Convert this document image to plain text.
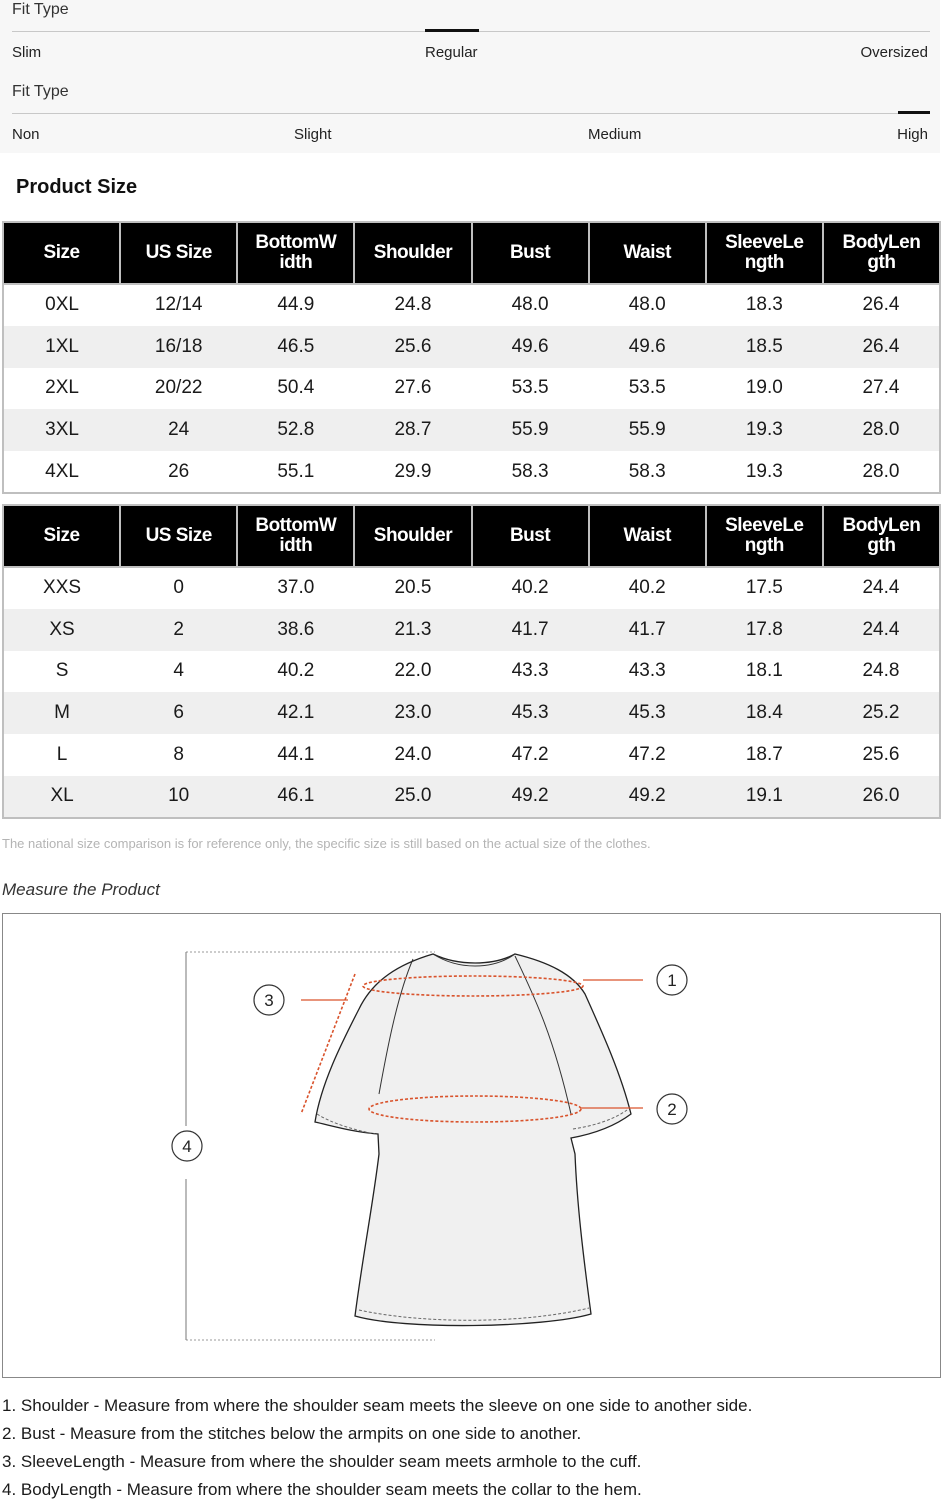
Fit Type
Slim	Regular	Oversized
Fit Type
Non	Slight	Medium	High
Product Size
Size	US Size	BottomW idth	Shoulder	Bust	Waist	SleeveLe ngth	BodyLen gth
0XL	12/14	44.9	24.8	48.0	48.0	18.3	26.4
1XL	16/18	46.5	25.6	49.6	49.6	18.5	26.4
2XL	20/22	50.4	27.6	53.5	53.5	19.0	27.4
3XL	24	52.8	28.7	55.9	55.9	19.3	28.0
4XL	26	55.1	29.9	58.3	58.3	19.3	28.0
Size	US Size	BottomW idth	Shoulder	Bust	Waist	SleeveLe ngth	BodyLen gth
XXS	0	37.0	20.5	40.2	40.2	17.5	24.4
XS	2	38.6	21.3	41.7	41.7	17.8	24.4
S	4	40.2	22.0	43.3	43.3	18.1	24.8
M	6	42.1	23.0	45.3	45.3	18.4	25.2
L	8	44.1	24.0	47.2	47.2	18.7	25.6
XL	10	46.1	25.0	49.2	49.2	19.1	26.0
The national size comparison is for reference only, the specific size is still based on the actual size of the clothes.
Measure the Product
1
2
3
4
1. Shoulder - Measure from where the shoulder seam meets the sleeve on one side to another side.
2. Bust - Measure from the stitches below the armpits on one side to another.
3. SleeveLength - Measure from where the shoulder seam meets armhole to the cuff.
4. BodyLength - Measure from where the shoulder seam meets the collar to the hem.
